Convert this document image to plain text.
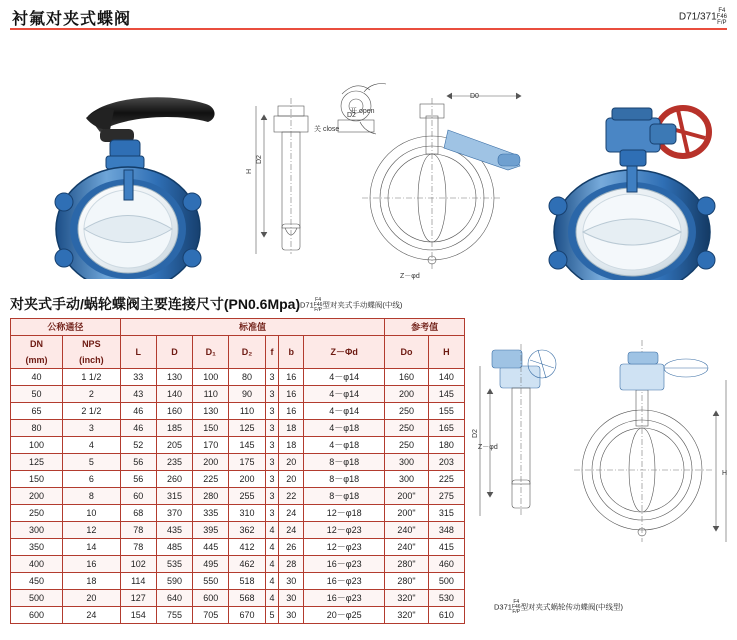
衬氟对夹式蝶阀	D71/371
F4
F46
F/P
D2
开 open
关 close
D0
D2
H
Z－φd
D71
F4
F46
F/P
型对夹式手动蝶阀(中线)
对夹式手动/蜗轮蝶阀主要连接尺寸(PN0.6Mpa)
公称通径		标准值							参考值	

DN
(mm)

NPS
(inch)
	L	D	D₁	D₂	f	b	Z－Φd	Do	H
40	1 1/2	33	130	100	80	3	16	4－φ14	160	140
50	2	43	140	110	90	3	16	4－φ14	200	145
65	2 1/2	46	160	130	110	3	16	4－φ14	250	155
80	3	46	185	150	125	3	18	4－φ18	250	165
100	4	52	205	170	145	3	18	4－φ18	250	180
125	5	56	235	200	175	3	20	8－φ18	300	203
150	6	56	260	225	200	3	20	8－φ18	300	225
200	8	60	315	280	255	3	22	8－φ18	200"	275
250	10	68	370	335	310	3	24	12－φ18	200"	315
300	12	78	435	395	362	4	24	12－φ23	240"	348
350	14	78	485	445	412	4	26	12－φ23	240"	415
400	16	102	535	495	462	4	28	16－φ23	280"	460
450	18	114	590	550	518	4	30	16－φ23	280"	500
500	20	127	640	600	568	4	30	16－φ23	320"	530
600	24	154	755	705	670	5	30	20－φ25	320"	610
D2
H
Z－φd
D371
F4
F46
F/P
型对夹式蜗轮传动蝶阀(中线型)
